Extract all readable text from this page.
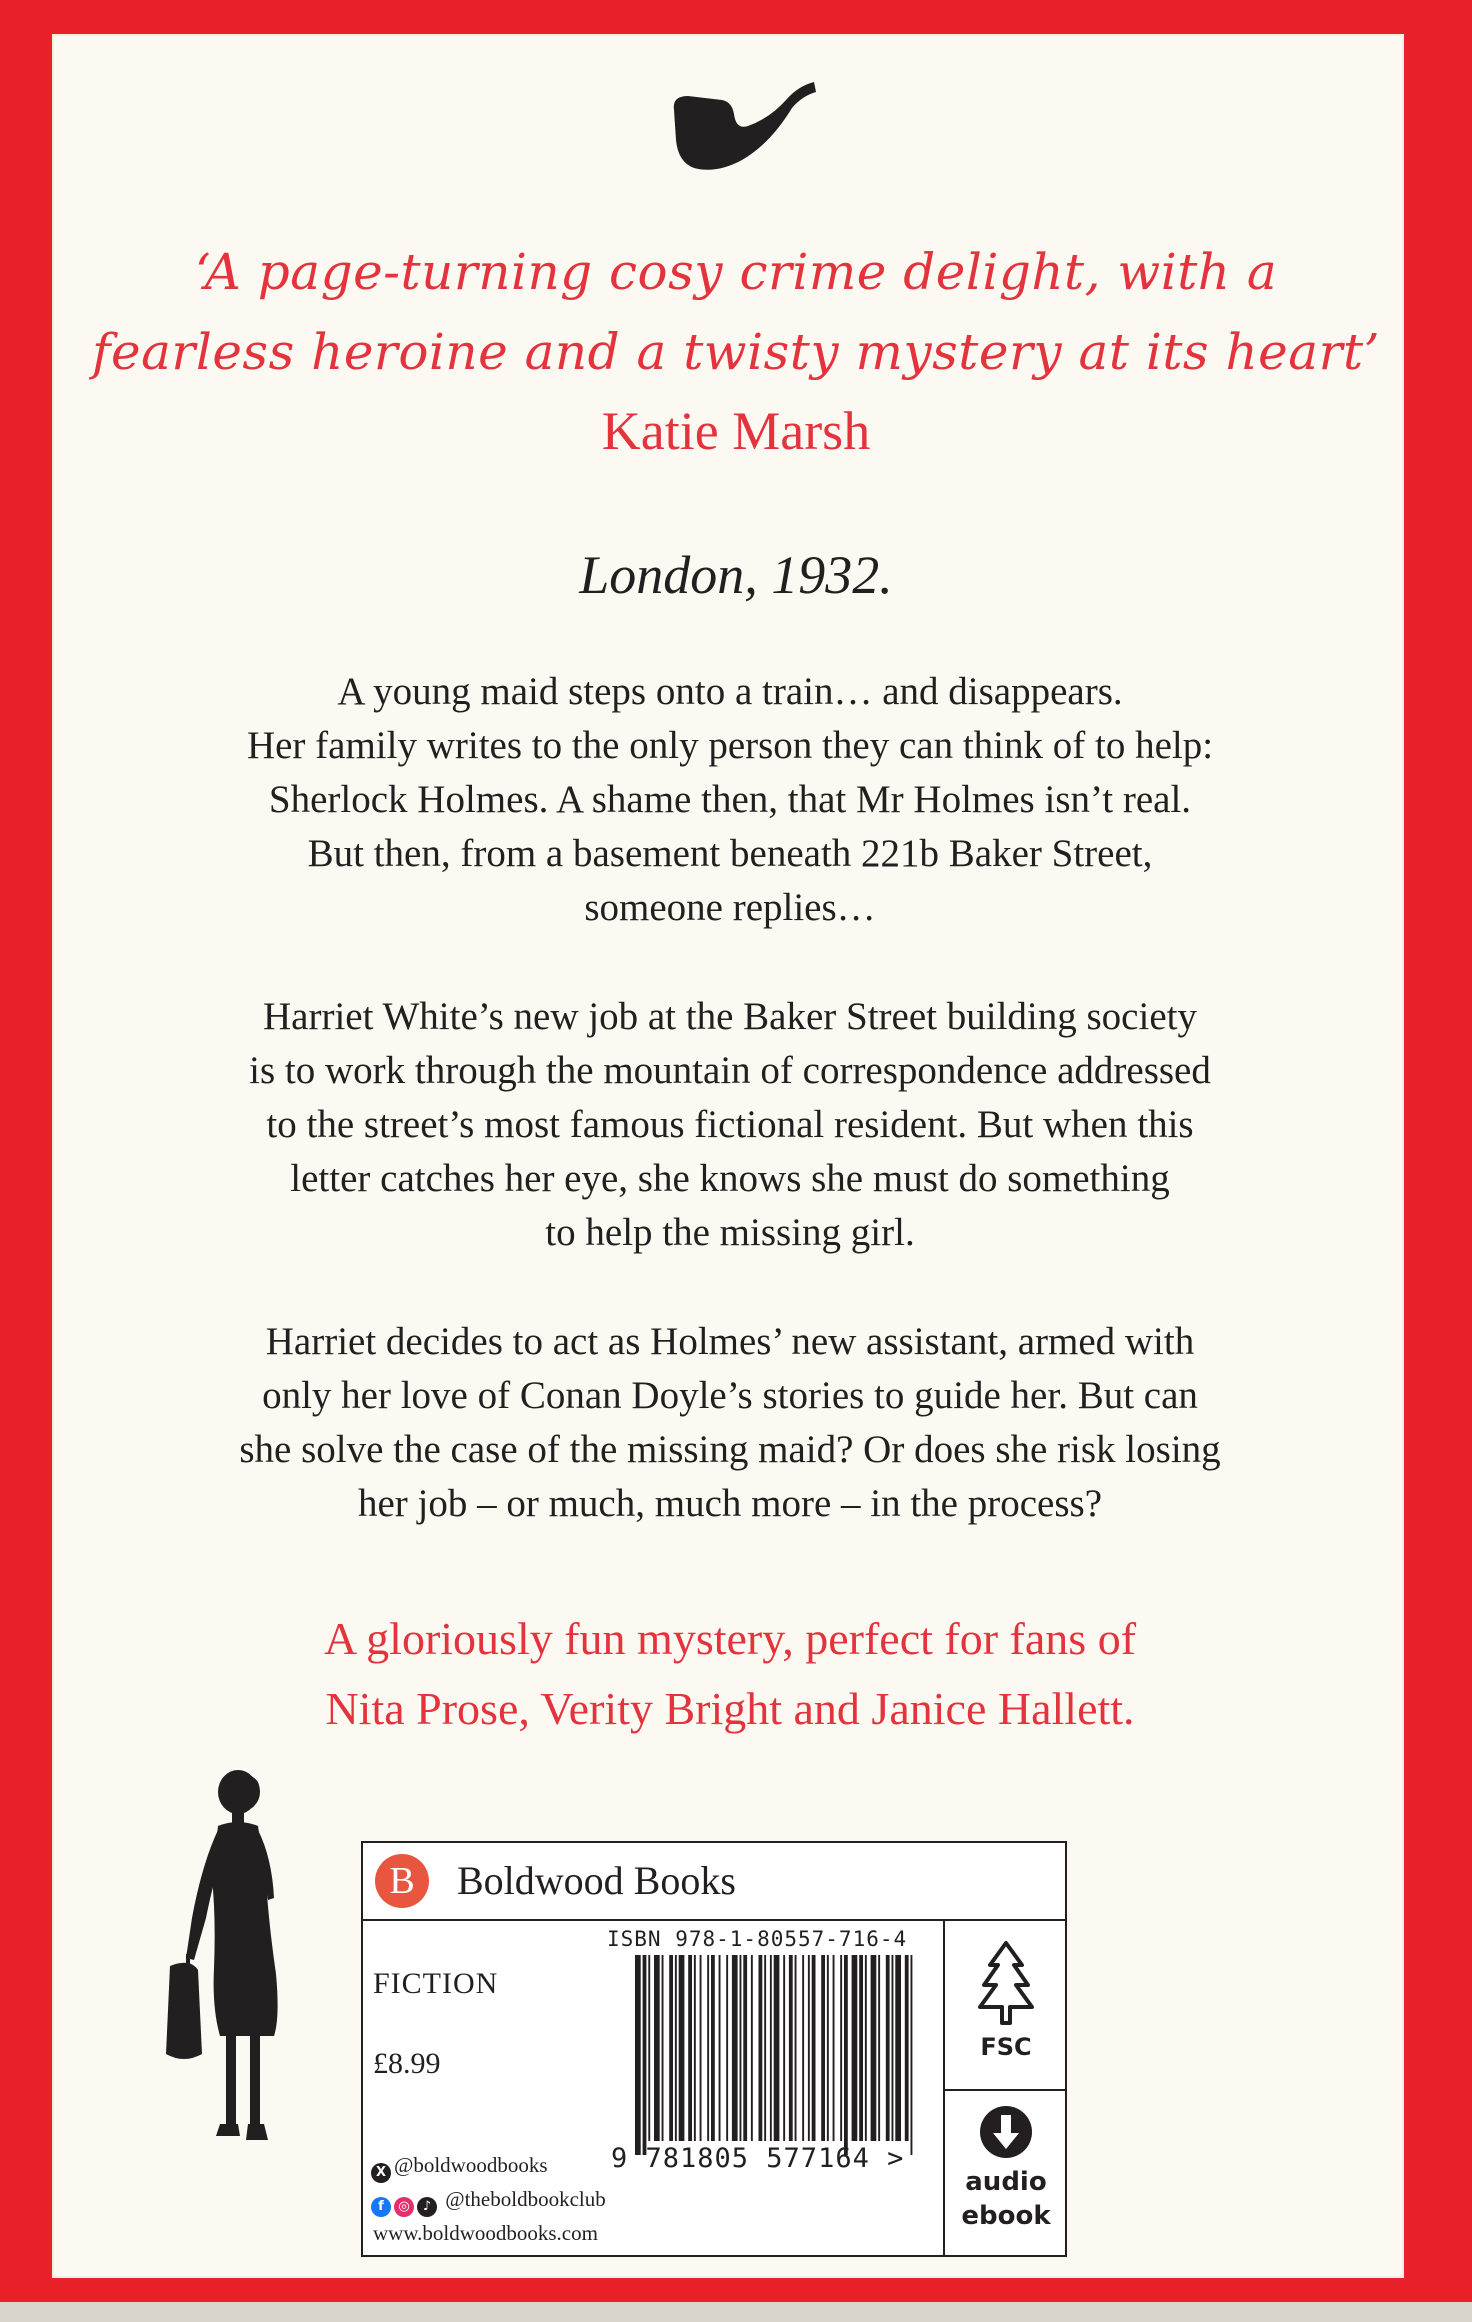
‘A page-turning cosy crime delight, with a
fearless heroine and a twisty mystery at its heart’
Katie Marsh
London, 1932.
A young maid steps onto a train… and disappears.
Her family writes to the only person they can think of to help:
Sherlock Holmes. A shame then, that Mr Holmes isn’t real.
But then, from a basement beneath 221b Baker Street,
someone replies…
Harriet White’s new job at the Baker Street building society
is to work through the mountain of correspondence addressed
to the street’s most famous fictional resident. But when this
letter catches her eye, she knows she must do something
to help the missing girl.
Harriet decides to act as Holmes’ new assistant, armed with
only her love of Conan Doyle’s stories to guide her. But can
she solve the case of the missing maid? Or does she risk losing
her job – or much, much more – in the process?
A gloriously fun mystery, perfect for fans of
Nita Prose, Verity Bright and Janice Hallett.
B	Boldwood Books
ISBN 978-1-80557-716-4
FICTION
£8.99
9 781805 577164 >
FSC
audio
ebook
X @boldwoodbooks
f ◎ ♪ @theboldbookclub
www.boldwoodbooks.com
